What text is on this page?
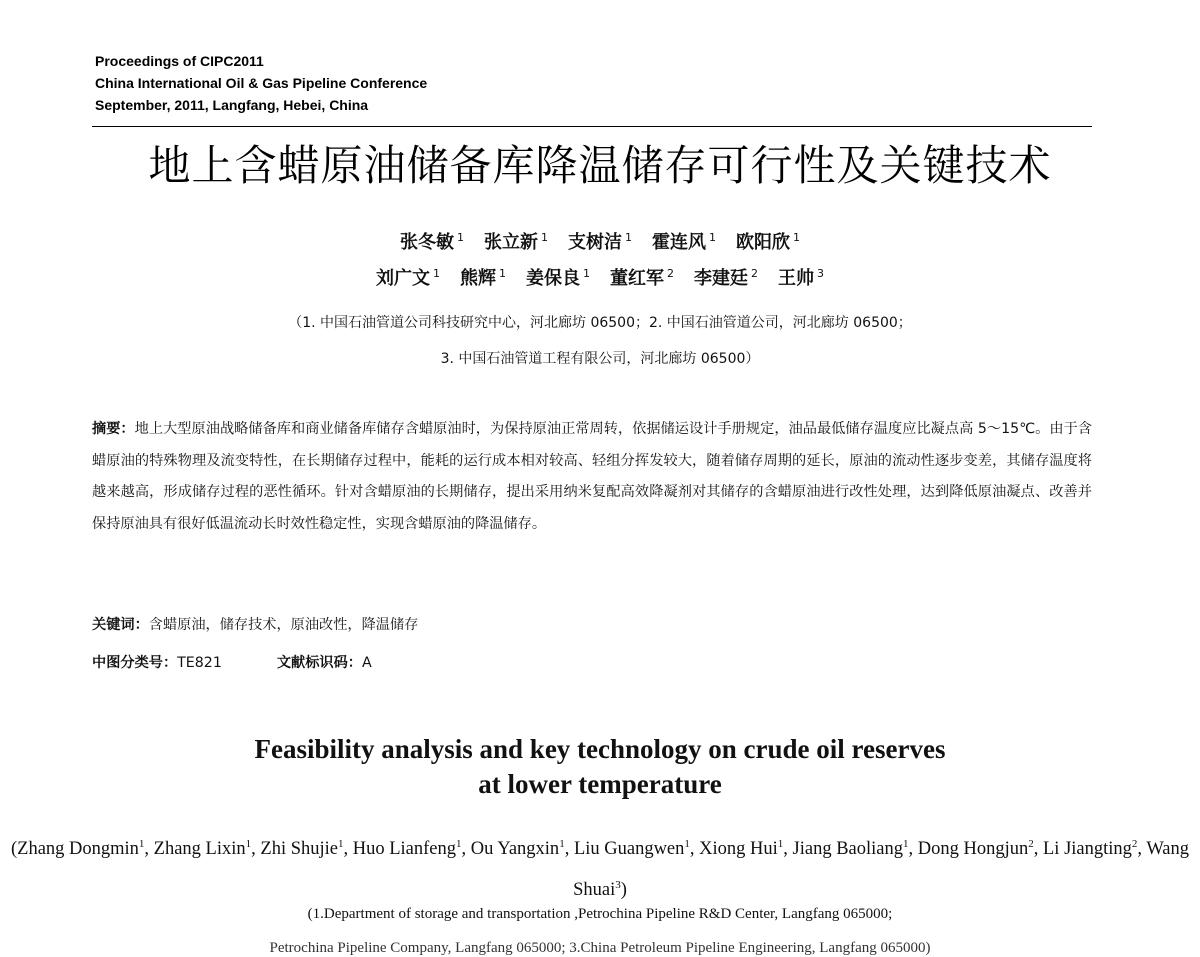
Proceedings of CIPC2011
China International Oil & Gas Pipeline Conference
September, 2011, Langfang, Hebei, China
地上含蜡原油储备库降温储存可行性及关键技术
张冬敏 $^1$ 张立新 $^1$ 支树洁 $^1$ 霍连风 $^1$ 欧阳欣 $^1$
刘广文 $^1$ 熊辉 $^1$ 姜保良 $^1$ 董红军 $^2$ 李建廷 $^2$ 王帅 $^3$
（1. 中国石油管道公司科技研究中心，河北廊坊 06500；2. 中国石油管道公司，河北廊坊 06500；
3. 中国石油管道工程有限公司，河北廊坊 06500）
摘要：地上大型原油战略储备库和商业储备库储存含蜡原油时，为保持原油正常周转，依据储运设计手册规定，油品最低储存温度应比凝点高 5～15℃。由于含蜡原油的特殊物理及流变特性，在长期储存过程中，能耗的运行成本相对较高、轻组分挥发较大，随着储存周期的延长，原油的流动性逐步变差，其储存温度将越来越高，形成储存过程的恶性循环。针对含蜡原油的长期储存，提出采用纳米复配高效降凝剂对其储存的含蜡原油进行改性处理，达到降低原油凝点、改善并保持原油具有很好低温流动长时效性稳定性，实现含蜡原油的降温储存。
关键词：含蜡原油，储存技术，原油改性，降温储存
中图分类号：TE821	文献标识码：A
Feasibility analysis and key technology on crude oil reserves
at lower temperature
(Zhang Dongmin$^1$, Zhang Lixin$^1$, Zhi Shujie$^1$, Huo Lianfeng$^1$, Ou Yangxin$^1$, Liu Guangwen$^1$, Xiong Hui$^1$, Jiang Baoliang$^1$, Dong Hongjun$^2$, Li Jiangting$^2$, Wang Shuai$^3$)
(1.Department of storage and transportation ,Petrochina Pipeline R&D Center, Langfang 065000;
Petrochina Pipeline Company, Langfang 065000; 3.China Petroleum Pipeline Engineering, Langfang 065000)
